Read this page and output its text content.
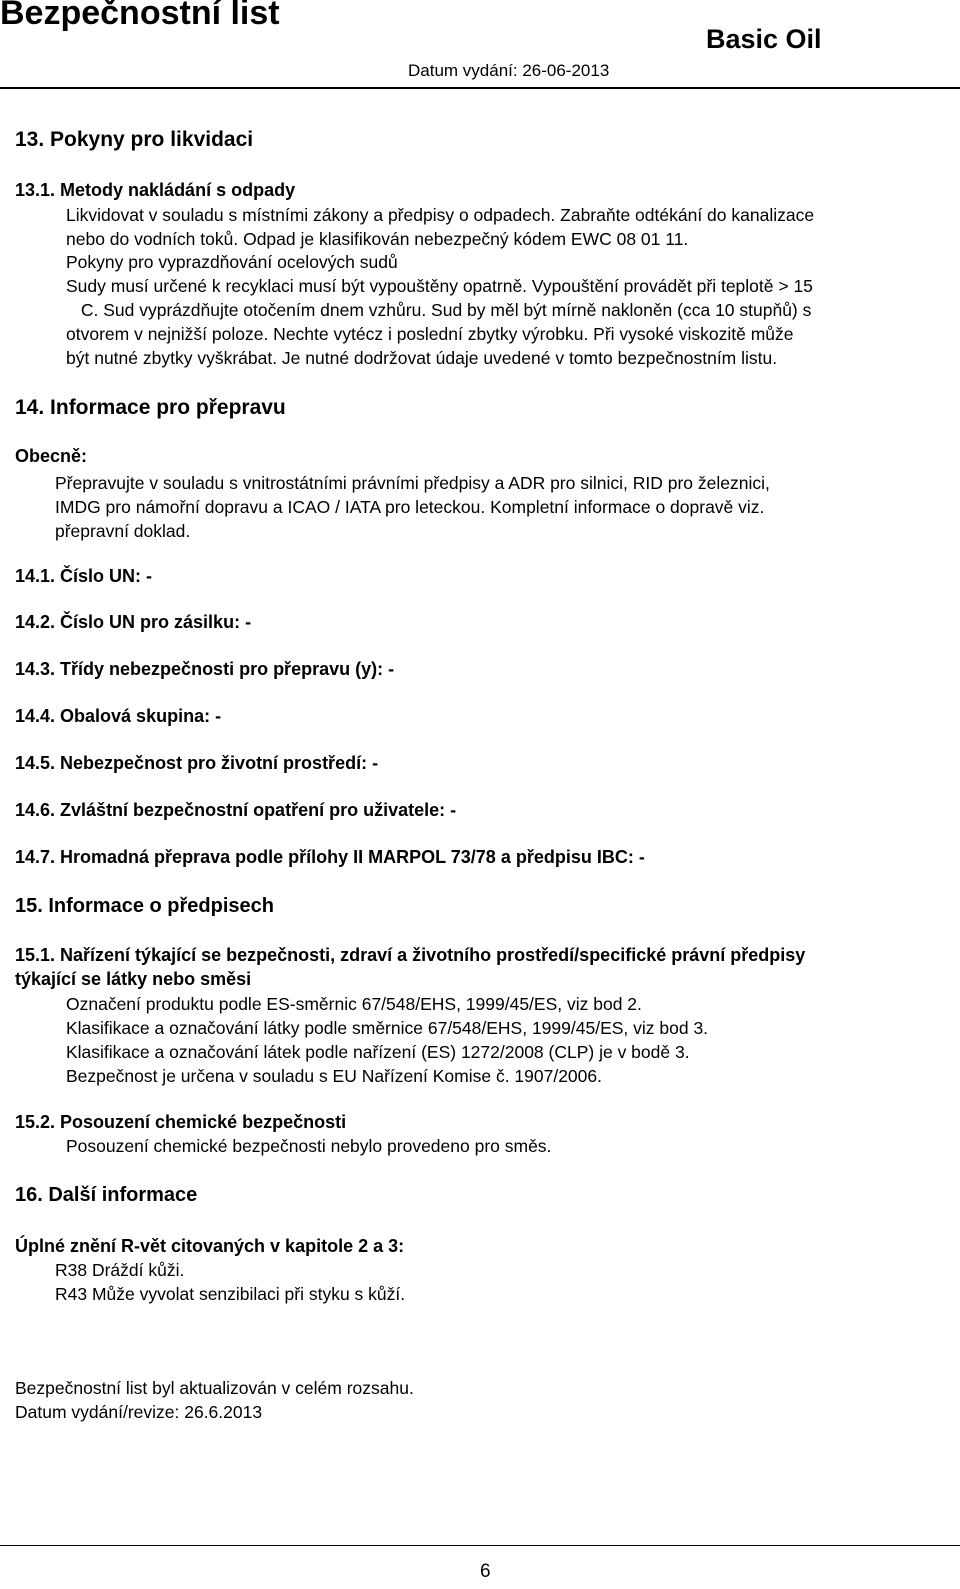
Bezpečnostní list
Basic Oil
Datum vydání: 26-06-2013
13. Pokyny pro likvidaci
13.1. Metody nakládání s odpady
Likvidovat v souladu s místními zákony a předpisy o odpadech. Zabraňte odtékání do kanalizace
nebo do vodních toků. Odpad je klasifikován nebezpečný kódem EWC 08 01 11.
Pokyny pro vyprazdňování ocelových sudů
Sudy musí určené k recyklaci musí být vypouštěny opatrně. Vypouštění provádět při teplotě > 15
C. Sud vyprázdňujte otočením dnem vzhůru. Sud by měl být mírně nakloněn (cca 10 stupňů) s
otvorem v nejnižší poloze. Nechte vytécz i poslední zbytky výrobku. Při vysoké viskozitě může
být nutné zbytky vyškrábat. Je nutné dodržovat údaje uvedené v tomto bezpečnostním listu.
14. Informace pro přepravu
Obecně:
Přepravujte v souladu s vnitrostátními právními předpisy a ADR pro silnici, RID pro železnici,
IMDG pro námořní dopravu a ICAO / IATA pro leteckou. Kompletní informace o dopravě viz.
přepravní doklad.
14.1. Číslo UN: -
14.2. Číslo UN pro zásilku: -
14.3. Třídy nebezpečnosti pro přepravu (y): -
14.4. Obalová skupina: -
14.5. Nebezpečnost pro životní prostředí: -
14.6. Zvláštní bezpečnostní opatření pro uživatele: -
14.7. Hromadná přeprava podle přílohy II MARPOL 73/78 a předpisu IBC: -
15. Informace o předpisech
15.1. Nařízení týkající se bezpečnosti, zdraví a životního prostředí/specifické právní předpisy
týkající se látky nebo směsi
Označení produktu podle ES-směrnic 67/548/EHS, 1999/45/ES, viz bod 2.
Klasifikace a označování látky podle směrnice 67/548/EHS, 1999/45/ES, viz bod 3.
Klasifikace a označování látek podle nařízení (ES) 1272/2008 (CLP) je v bodě 3.
Bezpečnost je určena v souladu s EU Nařízení Komise č. 1907/2006.
15.2. Posouzení chemické bezpečnosti
Posouzení chemické bezpečnosti nebylo provedeno pro směs.
16. Další informace
Úplné znění R-vět citovaných v kapitole 2 a 3:
R38 Dráždí kůži.
R43 Může vyvolat senzibilaci při styku s kůží.
Bezpečnostní list byl aktualizován v celém rozsahu.
Datum vydání/revize: 26.6.2013
6
